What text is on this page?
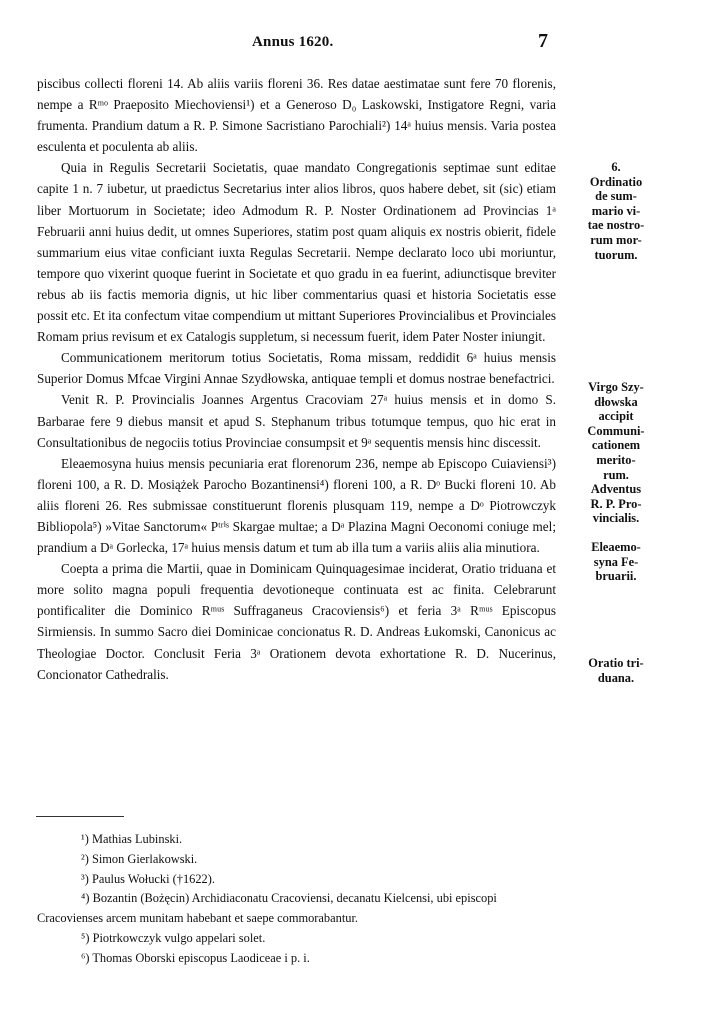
Annus 1620.	7

piscibus collecti floreni 14. Ab aliis variis floreni 36. Res datae aestimatae sunt fere 70 florenis, nempe a Rᵐᵒ Praeposito Miechoviensi¹) et a Generoso D₀ Laskowski, Instigatore Regni, varia frumenta. Prandium datum a R. P. Simone Sacristiano Parochiali²) 14ᵃ huius mensis. Varia postea esculenta et poculenta ab aliis.

Quia in Regulis Secretarii Societatis, quae mandato Congregationis septimae sunt editae capite 1 n. 7 iubetur, ut praedictus Secretarius inter alios libros, quos habere debet, sit (sic) etiam liber Mortuorum in Societate; ideo Admodum R. P. Noster Ordinationem ad Provincias 1ᵃ Februarii anni huius dedit, ut omnes Superiores, statim post quam aliquis ex nostris obierit, fidele summarium eius vitae conficiant iuxta Regulas Secretarii. Nempe declarato loco ubi moriuntur, tempore quo vixerint quoque fuerint in Societate et quo gradu in ea fuerint, adiunctisque breviter rebus ab iis factis memoria dignis, ut hic liber commentarius quasi et historia Societatis esse possit etc. Et ita confectum vitae compendium ut mittant Superiores Provincialibus et Provinciales Romam prius revisum et ex Catalogis suppletum, si necessum fuerit, idem Pater Noster iniungit.

Communicationem meritorum totius Societatis, Roma missam, reddidit 6ᵃ huius mensis Superior Domus Mfcae Virgini Annae Szydłowska, antiquae templi et domus nostrae benefactrici.

Venit R. P. Provincialis Joannes Argentus Cracoviam 27ᵃ huius mensis et in domo S. Barbarae fere 9 diebus mansit et apud S. Stephanum tribus totumque tempus, quo hic erat in Consultationibus de negociis totius Provinciae consumpsit et 9ᵃ sequentis mensis hinc discessit.

Eleaemosyna huius mensis pecuniaria erat florenorum 236, nempe ab Episcopo Cuiaviensi³) floreni 100, a R. D. Mosiążek Parocho Bozantinensi⁴) floreni 100, a R. Dᵒ Bucki floreni 10. Ab aliis floreni 26. Res submissae constituerunt florenis plusquam 119, nempe a Dᵒ Piotrowczyk Bibliopola⁵) »Vitae Sanctorum« Pᵗʳⁱˢ Skargae multae; a Dᵃ Plazina Magni Oeconomi coniuge mel; prandium a Dᵃ Gorlecka, 17ᵃ huius mensis datum et tum ab illa tum a variis aliis alia minutiora.

Coepta a prima die Martii, quae in Dominicam Quinquagesimae inciderat, Oratio triduana et more solito magna populi frequentia devotioneque continuata est ac finita. Celebrarunt pontificaliter die Dominico Rᵐᵘˢ Suffraganeus Cracoviensis⁶) et feria 3ᵃ Rᵐᵘˢ Episcopus Sirmiensis. In summo Sacro diei Dominicae concionatus R. D. Andreas Łukomski, Canonicus ac Theologiae Doctor. Conclusit Feria 3ᵃ Orationem devota exhortatione R. D. Nucerinus, Concionator Cathedralis.

6.
Ordinatio
de sum-
mario vi-
tae nostro-
rum mor-
tuorum.
Virgo Szy-
dłowska
accipit
Communi-
cationem
merito-
rum.
Adventus
R. P. Pro-
vincialis.
Eleaemo-
syna Fe-
bruarii.
Oratio tri-
duana.
¹) Mathias Lubinski.
²) Simon Gierlakowski.
³) Paulus Wołucki (†1622).
⁴) Bozantin (Bożęcin) Archidiaconatu Cracoviensi, decanatu Kielcensi, ubi episcopi Cracovienses arcem munitam habebant et saepe commorabantur.
⁵) Piotrkowczyk vulgo appelari solet.
⁶) Thomas Oborski episcopus Laodiceae i p. i.
